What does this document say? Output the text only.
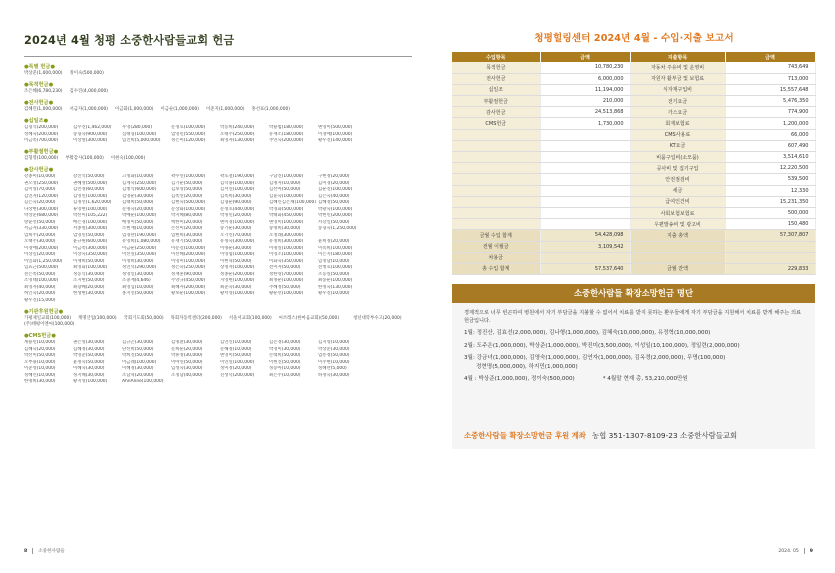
2024년 4월 청평 소중한사람들교회 헌금
●특별 헌금●
박상준(1,000,000) 정이숙(500,000)
●목적헌금●
조은혜(6,780,230) 김수진(4,000,000)
●전사헌금●
김혜린(1,000,000) 서금자(1,000,000) 이금화(1,000,000) 이금순(1,000,000) 이준지(1,000,000) 홍선표(1,000,000)
●십일조●
김형석(200,000)	김수진(1,462,000)	우영(280,000)	문정호(100,000)	박동희(240,000)	박용범(180,000)	변영미(500,000)
성혜숙(200,000)	송형숙(900,000)	심태형(100,000)	엄영민(550,000)	오태주(250,000)	유재소(180,000)	이경애(100,000)
이금옥(700,000)	이상열(300,000)	임진희(5,000,000)	정은미(120,000)	최영자(130,000)	추연숙(200,000)	황우진(140,000)
●부활절헌금●
김형영(100,000) 부활감사(100,000) 이현숙(100,000)
●감사헌금●
강종미(10,000)	강진석(50,000)	고정화(10,000)	곽수연(100,000)	곽호철(190,000)	구남진(100,000)	구현정(20,000)
권오성(250,000)	권혜성(500,000)	김계숙(250,000)	김기순(50,000)	김덕용(100,000)	김명자(10,000)	김미경(20,000)
김미영(70,000)	김민정(60,000)	김병식(600,000)	김보영(50,000)	김서연(100,000)	김선아(50,000)	김순진(100,000)
김연자(120,000)	김영민(100,000)	김영순(30,000)	김옥연(20,000)	김옥희(30,000)	김윤숙(100,000)	김은숙(40,000)
김은숙(20,000)	김정선(1,620,000)	김태희(50,000)	김현숙(500,000)	김형순(90,000)	김혜린김은채(100,000) 김혜정(50,000)
나상현(300,000)	류영현(100,000)	문명숙(20,000)	문상화(100,000)	문정호(440,000)	박경화(500,000)	박광숙(100,000)
박상준(680,000)	박선미(105,222)	박애순(100,000)	박지혜(80,000)	박정민(20,000)	박태화(450,000)	박현민(200,000)
방윤선(50,000)	배은경(100,000)	배정미(50,000)	백한미(20,000)	변미경(100,000)	변영미(100,000)	서강일(50,000)
서금자(330,000)	서종열(300,000)	소현재(10,000)	손선미(20,000)	송기순(30,000)	송명희(30,000)	송형숙(1,250,000)
엄희주(20,000)	엄영민(50,000)	엄경란(190,000)	엄현희(30,000)	오기연(70,000)	오정례(300,000)
오태주(30,000)	윤규원(600,000)	유영희(1,080,000)	유재기(50,000)	유정숙(300,000)	유정희(300,000)	윤희정(20,000)
이경애(200,000)	이금옥(300,000)	이금순(250,000)	이문걸(100,000)	이명순(30,000)	이명실(100,000)	이복희(100,000)
이상길(20,000)	이상숙(350,000)	이선실(350,000)	이선혜(200,000)	이영엽(100,000)	이영조(100,000)	이은지(180,000)
이일화(1,250,000)	이재희(50,000)	이정희(30,000)	이영미(100,000)	이현혁(50,000)	이화숙(350,000)	임정남(10,000)
임효근(500,000)	최영화(100,000)	정연덕(290,000)	정은숙(250,000)	장정자(100,000)	전미자(50,000)	전병호(100,000)
전은옥(50,000)	정동식(30,000)	정영일(30,000)	정재훈(90,000)	정종순(200,000)	정한영(700,000)	조동실(50,000)
조영태(100,000)	조지현(50,000)	조충재(4,646)	주앙규(450,000)	지영현(100,000)	최정순(100,000)	최송순(100,000)
최영자(40,000)	최향혜(20,000)	최영심(10,000)	최혜자(200,000)	최준숙(30,000)	추혜정(50,000)	한정숙(130,000)
허인숙(20,000)	현성현(30,000)	홍지연(50,000)	황보순(100,000)	황서영(100,000)	황순선(100,000)	황우진(10,000)
황우진(15,000)
●기관후원헌금●
가평제일교회(100,000) 계명산업(100,000) 국회기도회(50,000) 목회자동역센터(200,000) 서울서교회(100,000) 씨브레스(한마음교회)(50,000)	청년대학부수고(20,000)
(주)태평이엔씨(100,000)
●CMS헌금●
계용민(10,000)	권은영(30,000)	김규곤(30,000)	김명환(30,000)	김연신(10,000)	김온경(30,000)	김지영(10,000)
김혜숙(20,000)	김혜정(30,000)	단선희(50,000)	문희순(20,000)	문해정(10,000)	박경미(30,000)	박상준(30,000)
박선미(50,000)	박영준(50,000)	박희진(50,000)	박휴정(30,000)	변영미(50,000)	손대희(50,000)	엄흥정(50,000)
오부용(10,000)	윤정숙(50,000)	이금례(100,000)	이아연(50,000)	이연실(100,000)	이현진(50,000)	이주현(10,000)
이준영(10,000)	이혜숙(30,000)	이혜정(30,000)	임성숙(30,000)	정미정(20,000)	정승아(10,000)	정혜란(5,000)
정혜린(10,000)	정지혜(30,000)	조남혁(20,000)	조정남(40,000)	진성덕(200,000)	최은주(10,000)	하정숙(30,000)
한명희(30,000)	황지영(100,000)	AhnAnne(100,000)
청평힐링센터 2024년 4월 - 수입·지출 보고서
수입항목	금액	지출항목	금액
목적헌금	10,780,230	자동차 주유비 및 운영비	743,649
전사헌금	6,000,000	자원자 활부금 및 보험료	713,000
십일조	11,194,000	식자재구입비	15,557,648
부활절헌금	210,000	전기요금	5,476,350
감사헌금	24,513,868	가스요금	774,900
CMS헌금	1,730,000	회재보험료	1,200,000
		CMS사용료	66,000
		KT요금	607,490
		비품구입비(소모품)	3,514,610
		공사비 및 집기구입	12,220,500
		안전점검비	539,500
		세금	12,330
		급여인건비	15,231,350
		사회보험보험료	500,000
		우편발송비 및 광고비	150,480
금월 수입 합계	54,428,098	지출 총액	57,307,807
전월 이월금	3,109,542		
차용금			
총 수입 합계	57,537,640	금월 잔액	229,833
소중한사람들 확장소망헌금 명단
경제적으로 너무 빈곤하여 병원에서 자기 부담금을 지불할 수 없어서 치료를 받지 못하는 환우들에게 자기 부담금을 지원해서 치료를 받게 해주는 의료헌금입니다.
1월: 정진산, 김효선(2,000,000), 김나형(1,000,000), 김혜숙(10,000,000), 유정혁(10,000,000)
2월: 도주은(1,000,000), 박상준(1,000,000), 박진미(3,500,000), 이성일(10,100,000), 정일련(2,000,000)
3월: 강금녀(1,000,000), 김영숙(1,000,000), 김연자(1,000,000), 김옥경(2,000,000), 무명(100,000)
정현명(5,000,000), 하지민(1,000,000)
4월 : 박상준(1,000,000), 정이숙(500,000)	* 4월말 현재 총, 53,210,000만원
소중한사람들 확장소망헌금 후원 계좌 농협 351-1307-8109-23 소중한사람들교회
8 소중한사람들	2024. 05 9
